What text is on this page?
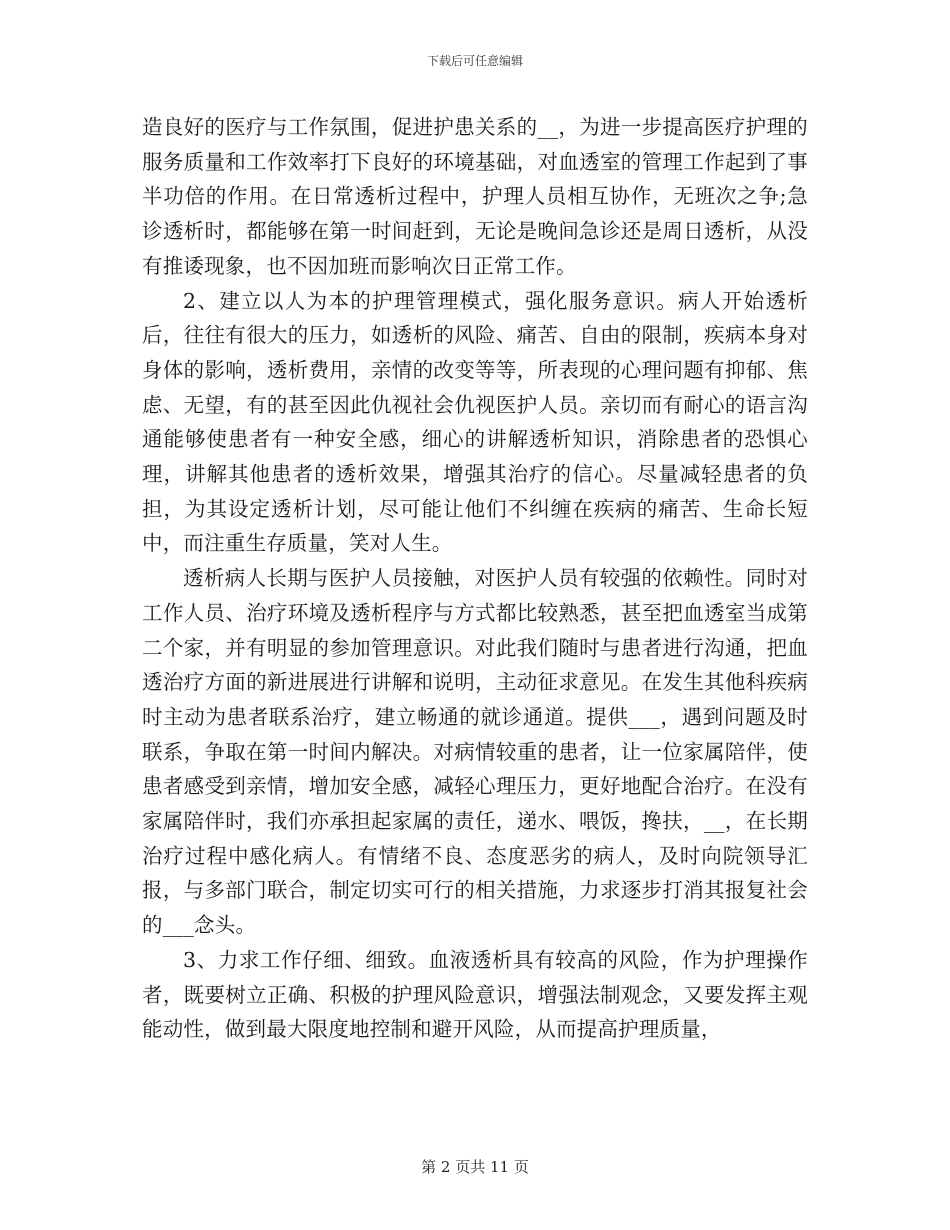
下载后可任意编辑

造良好的医疗与工作氛围，促进护患关系的__，为进一步提高医疗护理的服务质量和工作效率打下良好的环境基础，对血透室的管理工作起到了事半功倍的作用。在日常透析过程中，护理人员相互协作，无班次之争;急诊透析时，都能够在第一时间赶到，无论是晚间急诊还是周日透析，从没有推诿现象，也不因加班而影响次日正常工作。

2、建立以人为本的护理管理模式，强化服务意识。病人开始透析后，往往有很大的压力，如透析的风险、痛苦、自由的限制，疾病本身对身体的影响，透析费用，亲情的改变等等，所表现的心理问题有抑郁、焦虑、无望，有的甚至因此仇视社会仇视医护人员。亲切而有耐心的语言沟通能够使患者有一种安全感，细心的讲解透析知识，消除患者的恐惧心理，讲解其他患者的透析效果，增强其治疗的信心。尽量减轻患者的负担，为其设定透析计划，尽可能让他们不纠缠在疾病的痛苦、生命长短中，而注重生存质量，笑对人生。

透析病人长期与医护人员接触，对医护人员有较强的依赖性。同时对工作人员、治疗环境及透析程序与方式都比较熟悉，甚至把血透室当成第二个家，并有明显的参加管理意识。对此我们随时与患者进行沟通，把血透治疗方面的新进展进行讲解和说明，主动征求意见。在发生其他科疾病时主动为患者联系治疗，建立畅通的就诊通道。提供___，遇到问题及时联系，争取在第一时间内解决。对病情较重的患者，让一位家属陪伴，使患者感受到亲情，增加安全感，减轻心理压力，更好地配合治疗。在没有家属陪伴时，我们亦承担起家属的责任，递水、喂饭，搀扶，__，在长期治疗过程中感化病人。有情绪不良、态度恶劣的病人，及时向院领导汇报，与多部门联合，制定切实可行的相关措施，力求逐步打消其报复社会的___念头。

3、力求工作仔细、细致。血液透析具有较高的风险，作为护理操作者，既要树立正确、积极的护理风险意识，增强法制观念，又要发挥主观能动性，做到最大限度地控制和避开风险，从而提高护理质量，

第 2 页共 11 页
